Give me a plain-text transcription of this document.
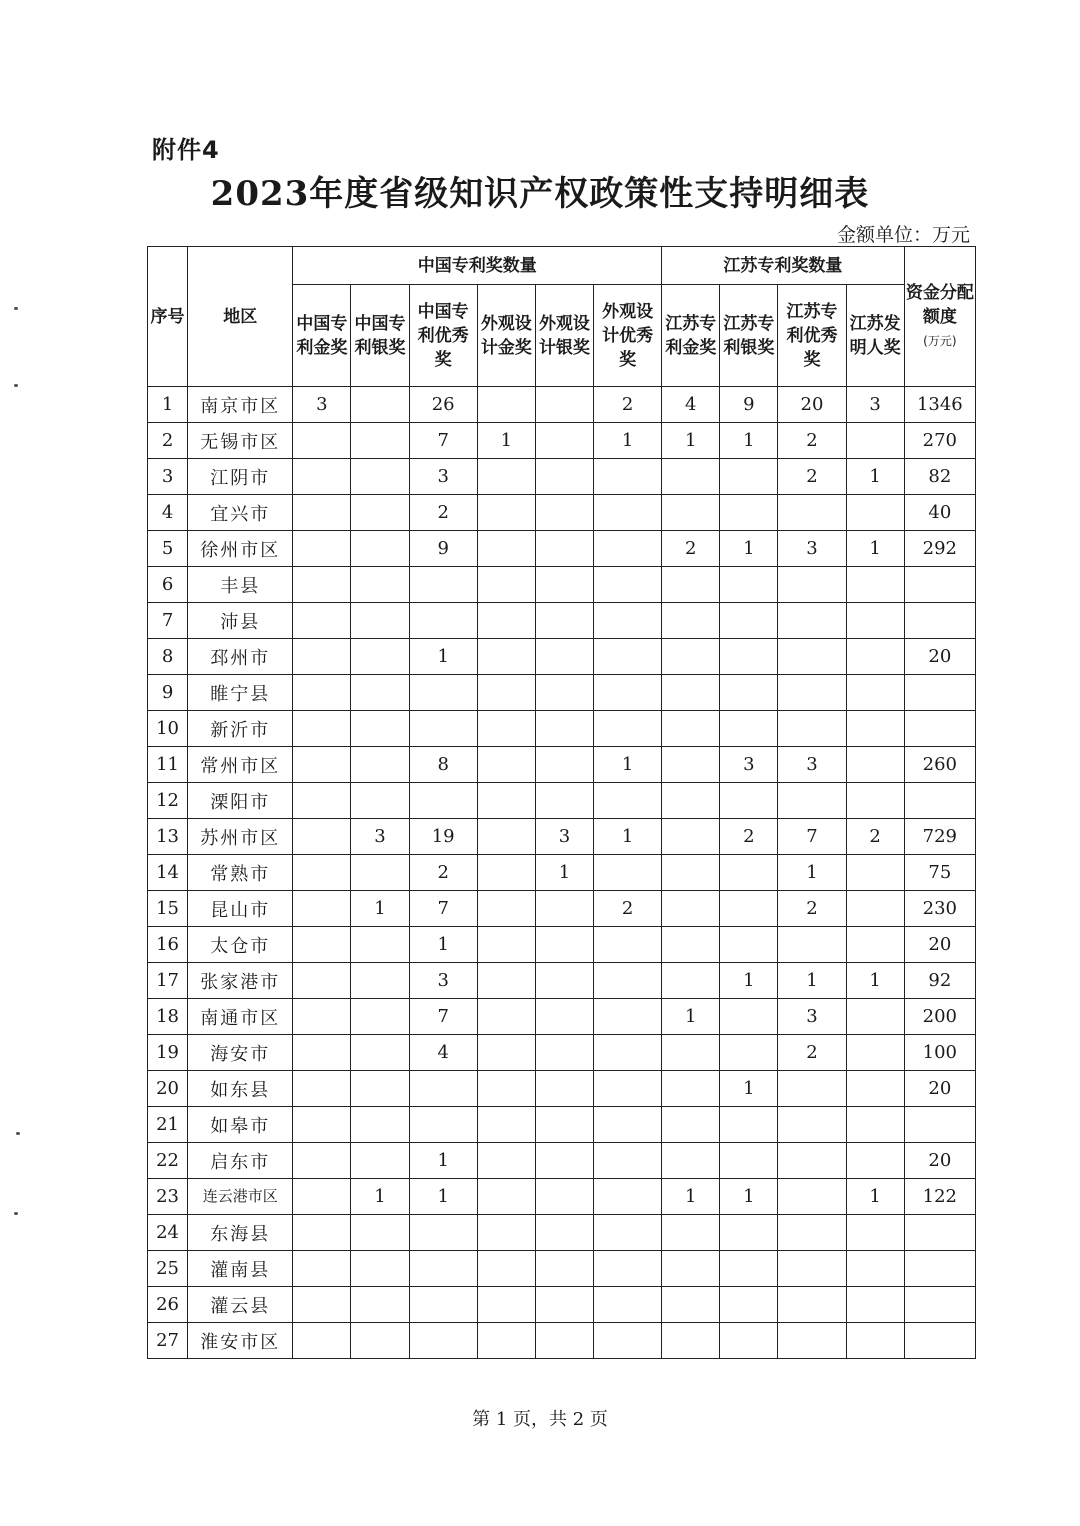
附件4
2023年度省级知识产权政策性支持明细表
金额单位：万元
序号	地区	中国专利奖数量						江苏专利奖数量				资金分配额度
(万元)

		中国专利金奖	中国专利银奖	中国专利优秀奖	外观设计金奖	外观设计银奖	外观设计优秀奖	江苏专利金奖	江苏专利银奖	江苏专利优秀奖	江苏发明人奖	
1	南京市区	3		26			2	4	9	20	3	1346
2	无锡市区			7	1		1	1	1	2		270
3	江阴市			3						2	1	82
4	宜兴市			2								40
5	徐州市区			9				2	1	3	1	292
6	丰县											
7	沛县											
8	邳州市			1								20
9	睢宁县											
10	新沂市											
11	常州市区			8			1		3	3		260
12	溧阳市											
13	苏州市区		3	19		3	1		2	7	2	729
14	常熟市			2		1				1		75
15	昆山市		1	7			2			2		230
16	太仓市			1								20
17	张家港市			3					1	1	1	92
18	南通市区			7				1		3		200
19	海安市			4						2		100
20	如东县								1			20
21	如皋市											
22	启东市			1								20
23	连云港市区		1	1				1	1		1	122
24	东海县											
25	灌南县											
26	灌云县											
27	淮安市区											
第 1 页，共 2 页
